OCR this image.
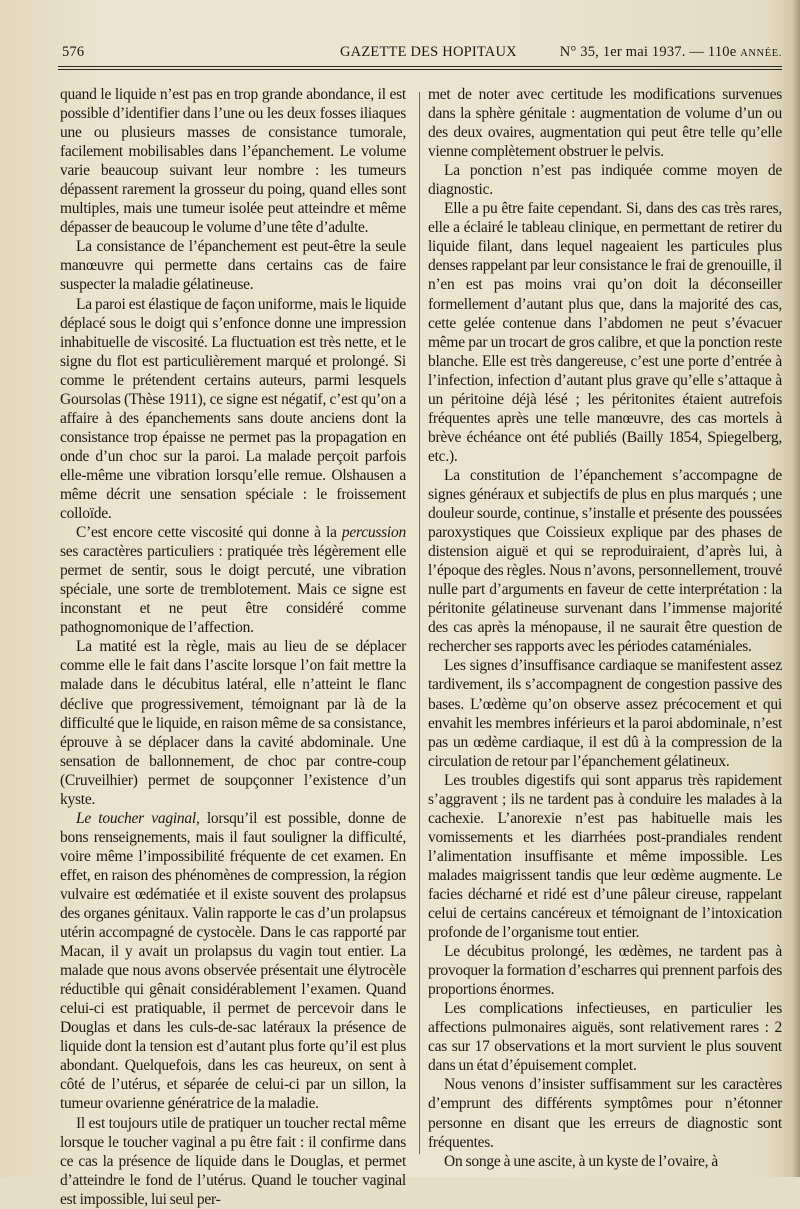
576	GAZETTE DES HOPITAUX	N° 35, 1er mai 1937. — 110e ANNÉE.

quand le liquide n’est pas en trop grande abondance, il est possible d’identifier dans l’une ou les deux fosses iliaques une ou plusieurs masses de consistance tumorale, facilement mobilisables dans l’épanchement. Le volume varie beaucoup suivant leur nombre : les tumeurs dépassent rarement la grosseur du poing, quand elles sont multiples, mais une tumeur isolée peut atteindre et même dépasser de beaucoup le volume d’une tête d’adulte.

La consistance de l’épanchement est peut-être la seule manœuvre qui permette dans certains cas de faire suspecter la maladie gélatineuse.

La paroi est élastique de façon uniforme, mais le liquide déplacé sous le doigt qui s’enfonce donne une impression inhabituelle de viscosité. La fluctuation est très nette, et le signe du flot est particulièrement marqué et prolongé. Si comme le prétendent certains auteurs, parmi lesquels Goursolas (Thèse 1911), ce signe est négatif, c’est qu’on a affaire à des épanchements sans doute anciens dont la consistance trop épaisse ne permet pas la propagation en onde d’un choc sur la paroi. La malade perçoit parfois elle-même une vibration lorsqu’elle remue. Olshausen a même décrit une sensation spéciale : le froissement colloïde.

C’est encore cette viscosité qui donne à la percussion ses caractères particuliers : pratiquée très légèrement elle permet de sentir, sous le doigt percuté, une vibration spéciale, une sorte de tremblotement. Mais ce signe est inconstant et ne peut être considéré comme pathognomonique de l’affection.

La matité est la règle, mais au lieu de se déplacer comme elle le fait dans l’ascite lorsque l’on fait mettre la malade dans le décubitus latéral, elle n’atteint le flanc déclive que progressivement, témoignant par là de la difficulté que le liquide, en raison même de sa consistance, éprouve à se déplacer dans la cavité abdominale. Une sensation de ballonnement, de choc par contre-coup (Cruveilhier) permet de soupçonner l’existence d’un kyste.

Le toucher vaginal, lorsqu’il est possible, donne de bons renseignements, mais il faut souligner la difficulté, voire même l’impossibilité fréquente de cet examen. En effet, en raison des phénomènes de compression, la région vulvaire est œdématiée et il existe souvent des prolapsus des organes génitaux. Valin rapporte le cas d’un prolapsus utérin accompagné de cystocèle. Dans le cas rapporté par Macan, il y avait un prolapsus du vagin tout entier. La malade que nous avons observée présentait une élytrocèle réductible qui gênait considérablement l’examen. Quand celui-ci est pratiquable, il permet de percevoir dans le Douglas et dans les culs-de-sac latéraux la présence de liquide dont la tension est d’autant plus forte qu’il est plus abondant. Quelquefois, dans les cas heureux, on sent à côté de l’utérus, et séparée de celui-ci par un sillon, la tumeur ovarienne génératrice de la maladie.

Il est toujours utile de pratiquer un toucher rectal même lorsque le toucher vaginal a pu être fait : il confirme dans ce cas la présence de liquide dans le Douglas, et permet d’atteindre le fond de l’utérus. Quand le toucher vaginal est impossible, lui seul per-

met de noter avec certitude les modifications survenues dans la sphère génitale : augmentation de volume d’un ou des deux ovaires, augmentation qui peut être telle qu’elle vienne complètement obstruer le pelvis.

La ponction n’est pas indiquée comme moyen de diagnostic.

Elle a pu être faite cependant. Si, dans des cas très rares, elle a éclairé le tableau clinique, en permettant de retirer du liquide filant, dans lequel nageaient les particules plus denses rappelant par leur consistance le frai de grenouille, il n’en est pas moins vrai qu’on doit la déconseiller formellement d’autant plus que, dans la majorité des cas, cette gelée contenue dans l’abdomen ne peut s’évacuer même par un trocart de gros calibre, et que la ponction reste blanche. Elle est très dangereuse, c’est une porte d’entrée à l’infection, infection d’autant plus grave qu’elle s’attaque à un péritoine déjà lésé ; les péritonites étaient autrefois fréquentes après une telle manœuvre, des cas mortels à brève échéance ont été publiés (Bailly 1854, Spiegelberg, etc.).

La constitution de l’épanchement s’accompagne de signes généraux et subjectifs de plus en plus marqués ; une douleur sourde, continue, s’installe et présente des poussées paroxystiques que Coissieux explique par des phases de distension aiguë et qui se reproduiraient, d’après lui, à l’époque des règles. Nous n’avons, personnellement, trouvé nulle part d’arguments en faveur de cette interprétation : la péritonite gélatineuse survenant dans l’immense majorité des cas après la ménopause, il ne saurait être question de rechercher ses rapports avec les périodes cataméniales.

Les signes d’insuffisance cardiaque se manifestent assez tardivement, ils s’accompagnent de congestion passive des bases. L’œdème qu’on observe assez précocement et qui envahit les membres inférieurs et la paroi abdominale, n’est pas un œdème cardiaque, il est dû à la compression de la circulation de retour par l’épanchement gélatineux.

Les troubles digestifs qui sont apparus très rapidement s’aggravent ; ils ne tardent pas à conduire les malades à la cachexie. L’anorexie n’est pas habituelle mais les vomissements et les diarrhées post-prandiales rendent l’alimentation insuffisante et même impossible. Les malades maigrissent tandis que leur œdème augmente. Le facies décharné et ridé est d’une pâleur cireuse, rappelant celui de certains cancéreux et témoignant de l’intoxication profonde de l’organisme tout entier.

Le décubitus prolongé, les œdèmes, ne tardent pas à provoquer la formation d’escharres qui prennent parfois des proportions énormes.

Les complications infectieuses, en particulier les affections pulmonaires aiguës, sont relativement rares : 2 cas sur 17 observations et la mort survient le plus souvent dans un état d’épuisement complet.

Nous venons d’insister suffisamment sur les caractères d’emprunt des différents symptômes pour n’étonner personne en disant que les erreurs de diagnostic sont fréquentes.

On songe à une ascite, à un kyste de l’ovaire, à
